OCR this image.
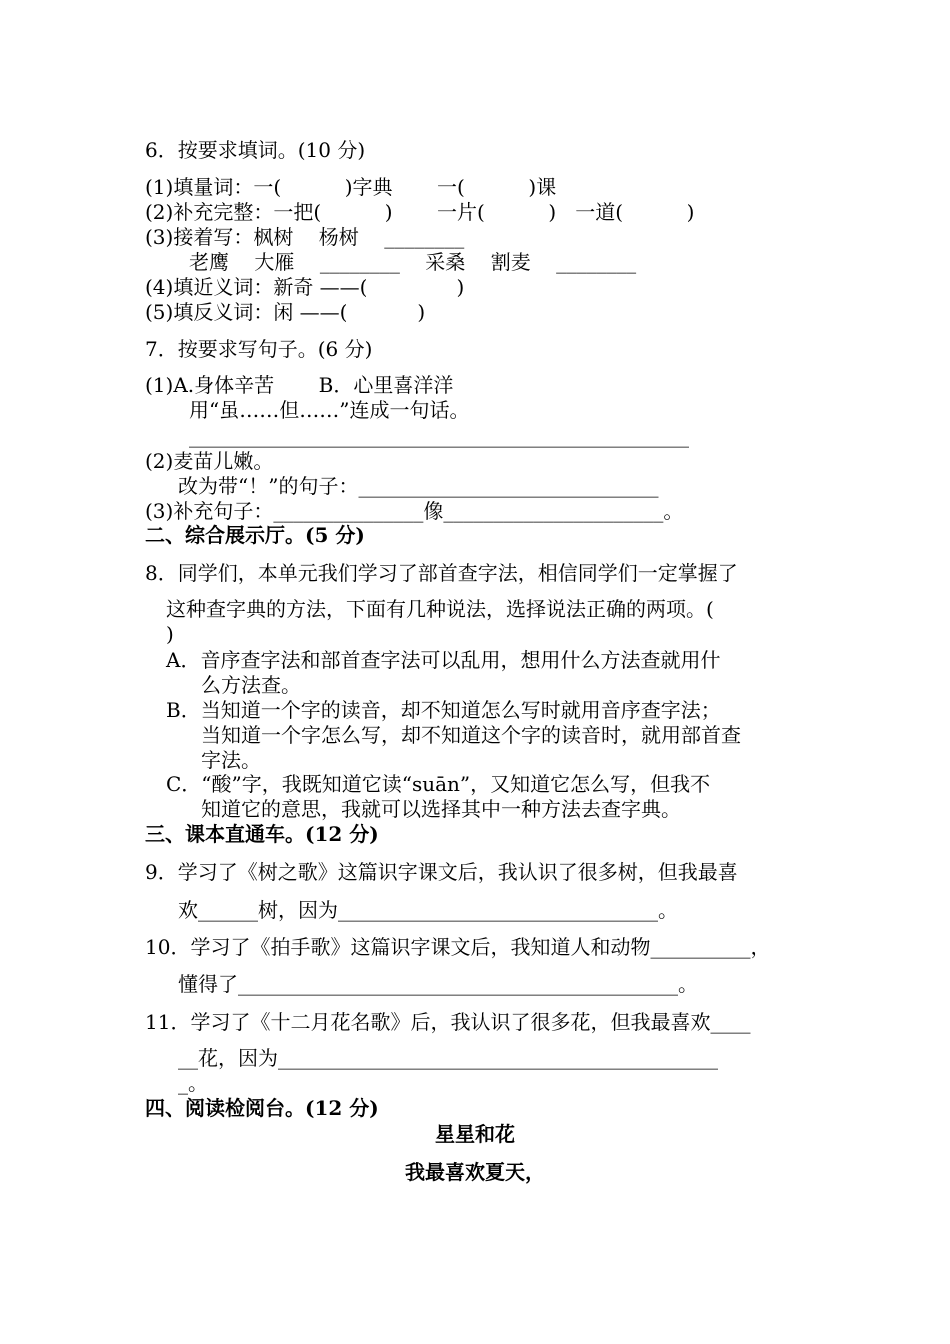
6．按要求填词。(10 分)
(1)填量词：一(          )字典       一(          )课
(2)补充完整：一把(          )       一片(          )   一道(          )
(3)接着写：枫树    杨树    ________
老鹰    大雁    ________    采桑    割麦    ________
(4)填近义词：新奇 ——(              )
(5)填反义词：闲 ——(           )
7．按要求写句子。(6 分)
(1)A.身体辛苦       B．心里喜洋洋
用“虽……但……”连成一句话。
__________________________________________________
(2)麦苗儿嫩。
改为带“！”的句子：______________________________
(3)补充句子：_______________像______________________。
二、综合展示厅。(5 分)
8．同学们，本单元我们学习了部首查字法，相信同学们一定掌握了
这种查字典的方法，下面有几种说法，选择说法正确的两项。(
)
A．音序查字法和部首查字法可以乱用，想用什么方法查就用什
么方法查。
B．当知道一个字的读音，却不知道怎么写时就用音序查字法；
当知道一个字怎么写，却不知道这个字的读音时，就用部首查
字法。
C．“酸”字，我既知道它读“suān”，又知道它怎么写，但我不
知道它的意思，我就可以选择其中一种方法去查字典。
三、课本直通车。(12 分)
9．学习了《树之歌》这篇识字课文后，我认识了很多树，但我最喜
欢______树，因为________________________________。
10．学习了《拍手歌》这篇识字课文后，我知道人和动物__________，
懂得了____________________________________________。
11．学习了《十二月花名歌》后，我认识了很多花，但我最喜欢____
__花，因为____________________________________________
_。
四、阅读检阅台。(12 分)
星星和花
我最喜欢夏天，
